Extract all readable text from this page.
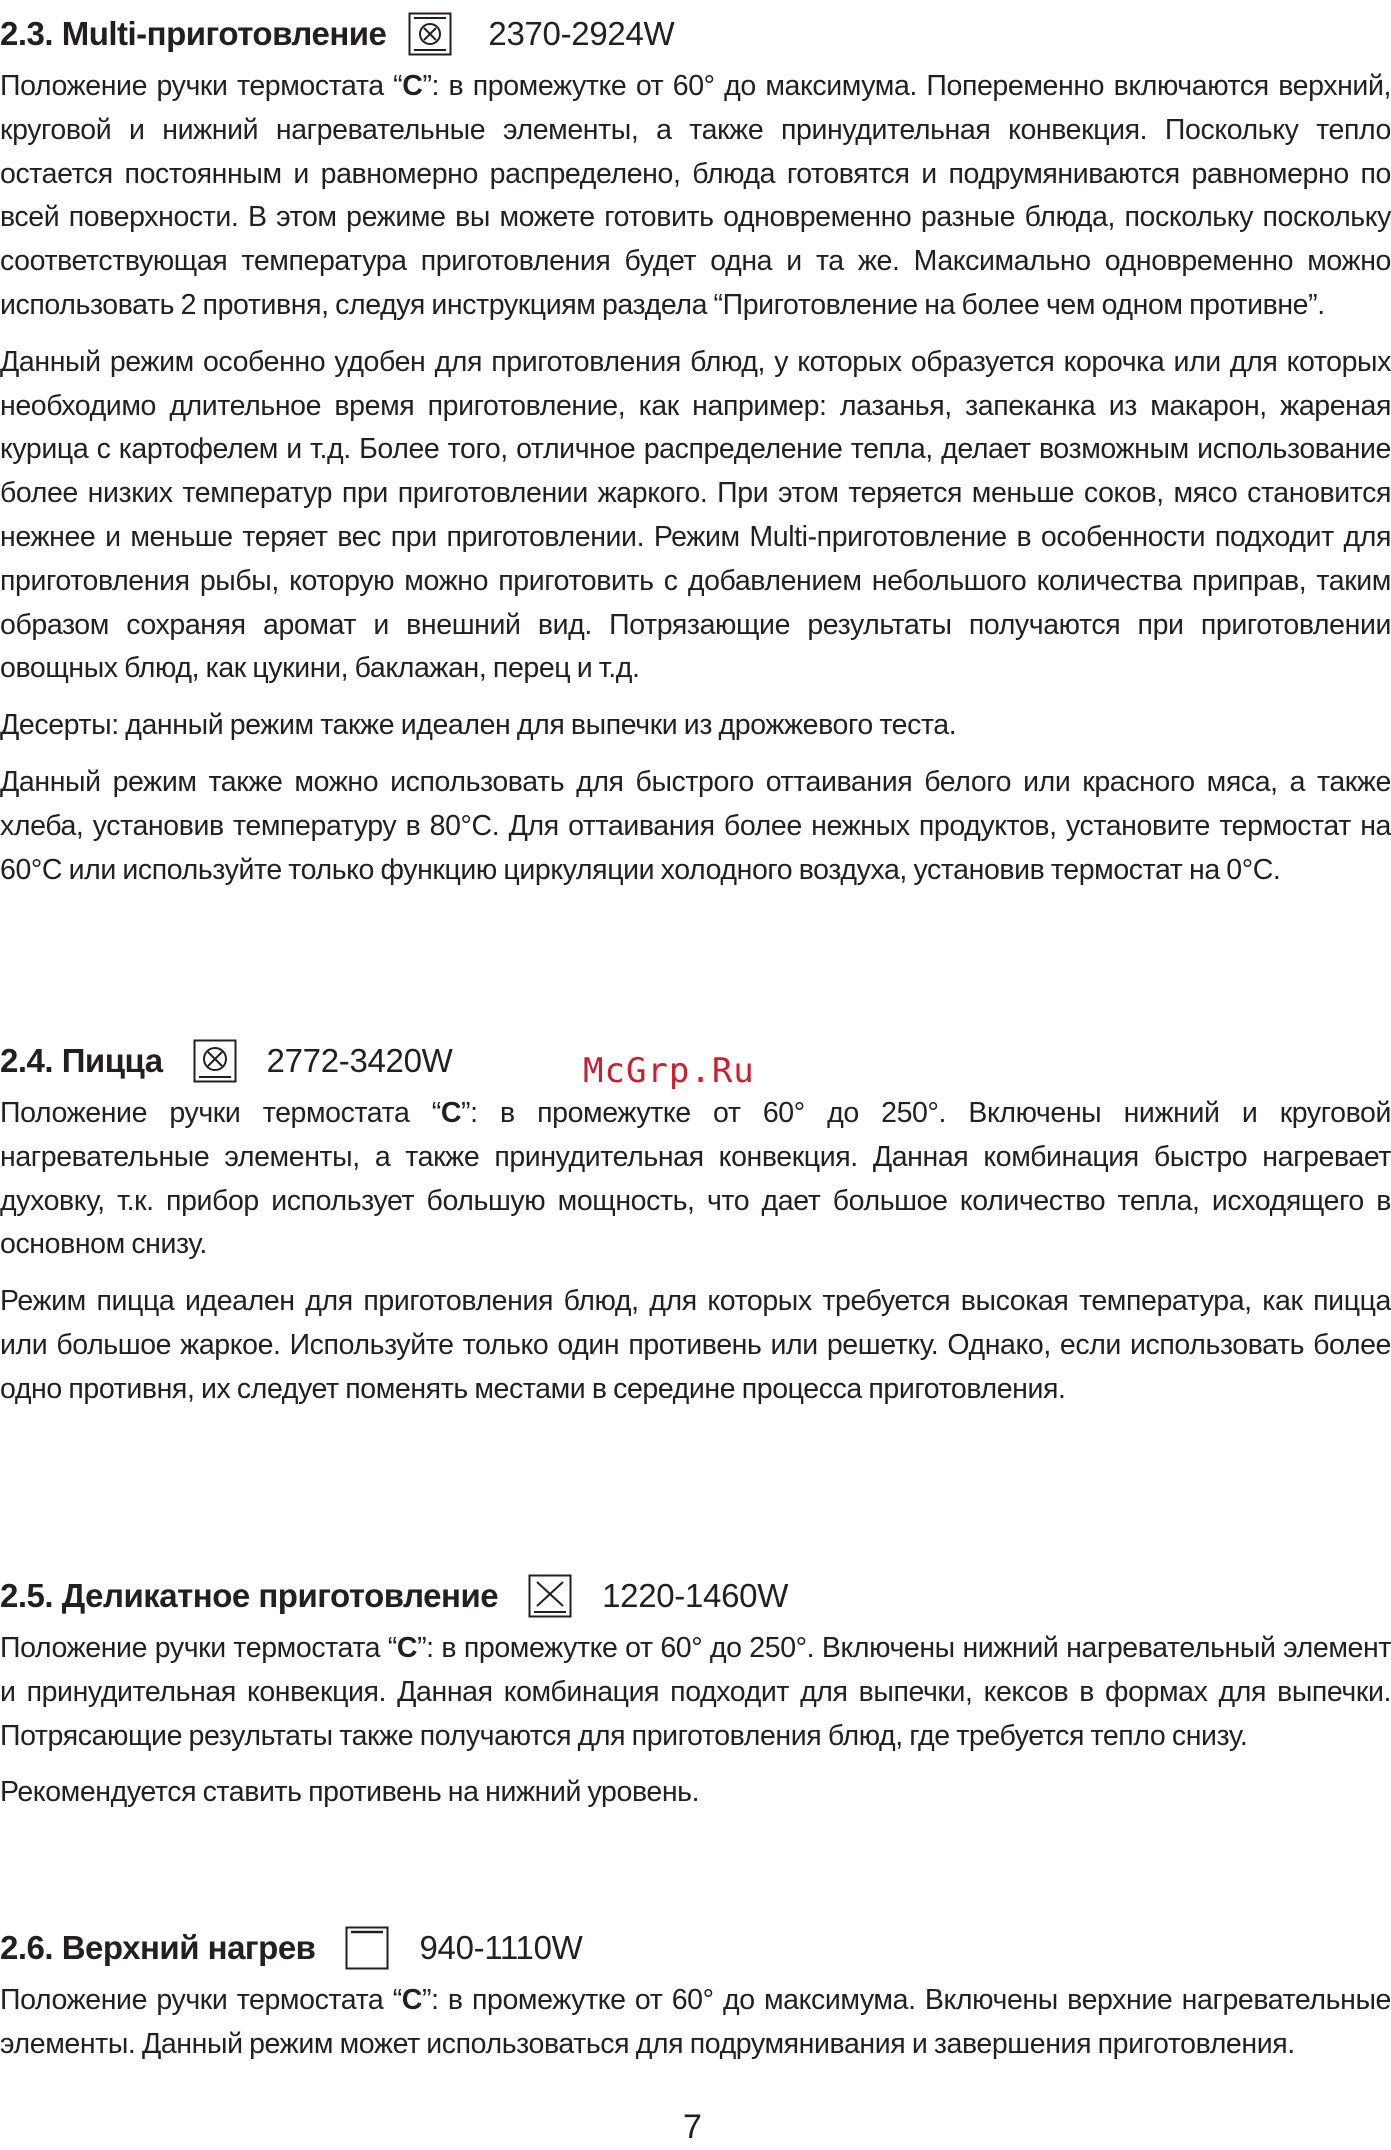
2.3. Multi-приготовление	2370-2924W

Положение ручки термостата “C”: в промежутке от 60° до максимума. Попеременно включаются верхний, круговой и нижний нагревательные элементы, а также принудительная конвекция. Поскольку тепло остается постоянным и равномерно распределено, блюда готовятся и подрумяниваются равномерно по всей поверхности. В этом режиме вы можете готовить одновременно разные блюда, поскольку поскольку соответствующая температура приготовления будет одна и та же. Максимально одновременно можно использовать 2 противня, следуя инструкциям раздела “Приготовление на более чем одном противне”.

Данный режим особенно удобен для приготовления блюд, у которых образуется корочка или для которых необходимо длительное время приготовление, как например: лазанья, запеканка из макарон, жареная курица с картофелем и т.д. Более того, отличное распределение тепла, делает возможным использование более низких температур при приготовлении жаркого. При этом теряется меньше соков, мясо становится нежнее и меньше теряет вес при приготовлении. Режим Multi-приготовление в особенности подходит для приготовления рыбы, которую можно приготовить с добавлением небольшого количества приправ, таким образом сохраняя аромат и внешний вид. Потрязающие результаты получаются при приготовлении овощных блюд, как цукини, баклажан, перец и т.д.

Десерты: данный режим также идеален для выпечки из дрожжевого теста.

Данный режим также можно использовать для быстрого оттаивания белого или красного мяса, а также хлеба, установив температуру в 80°С. Для оттаивания более нежных продуктов, установите термостат на 60°С или используйте только функцию циркуляции холодного воздуха, установив термостат на 0°С.

2.4. Пицца	2772-3420W

Положение ручки термостата “C”: в промежутке от 60° до 250°. Включены нижний и круговой нагревательные элементы, а также принудительная конвекция. Данная комбинация быстро нагревает духовку, т.к. прибор использует большую мощность, что дает большое количество тепла, исходящего в основном снизу.

Режим пицца идеален для приготовления блюд, для которых требуется высокая температура, как пицца или большое жаркое. Используйте только один противень или решетку. Однако, если использовать более одно противня, их следует поменять местами в середине процесса приготовления.

2.5. Деликатное приготовление	1220-1460W

Положение ручки термостата “C”: в промежутке от 60° до 250°. Включены нижний нагревательный элемент и принудительная конвекция. Данная комбинация подходит для выпечки, кексов в формах для выпечки. Потрясающие результаты также получаются для приготовления блюд, где требуется тепло снизу.

Рекомендуется ставить противень на нижний уровень.

2.6. Верхний нагрев	940-1110W

Положение ручки термостата “C”: в промежутке от 60° до максимума. Включены верхние нагревательные элементы. Данный режим может использоваться для подрумянивания и завершения приготовления.

McGrp.Ru
7
